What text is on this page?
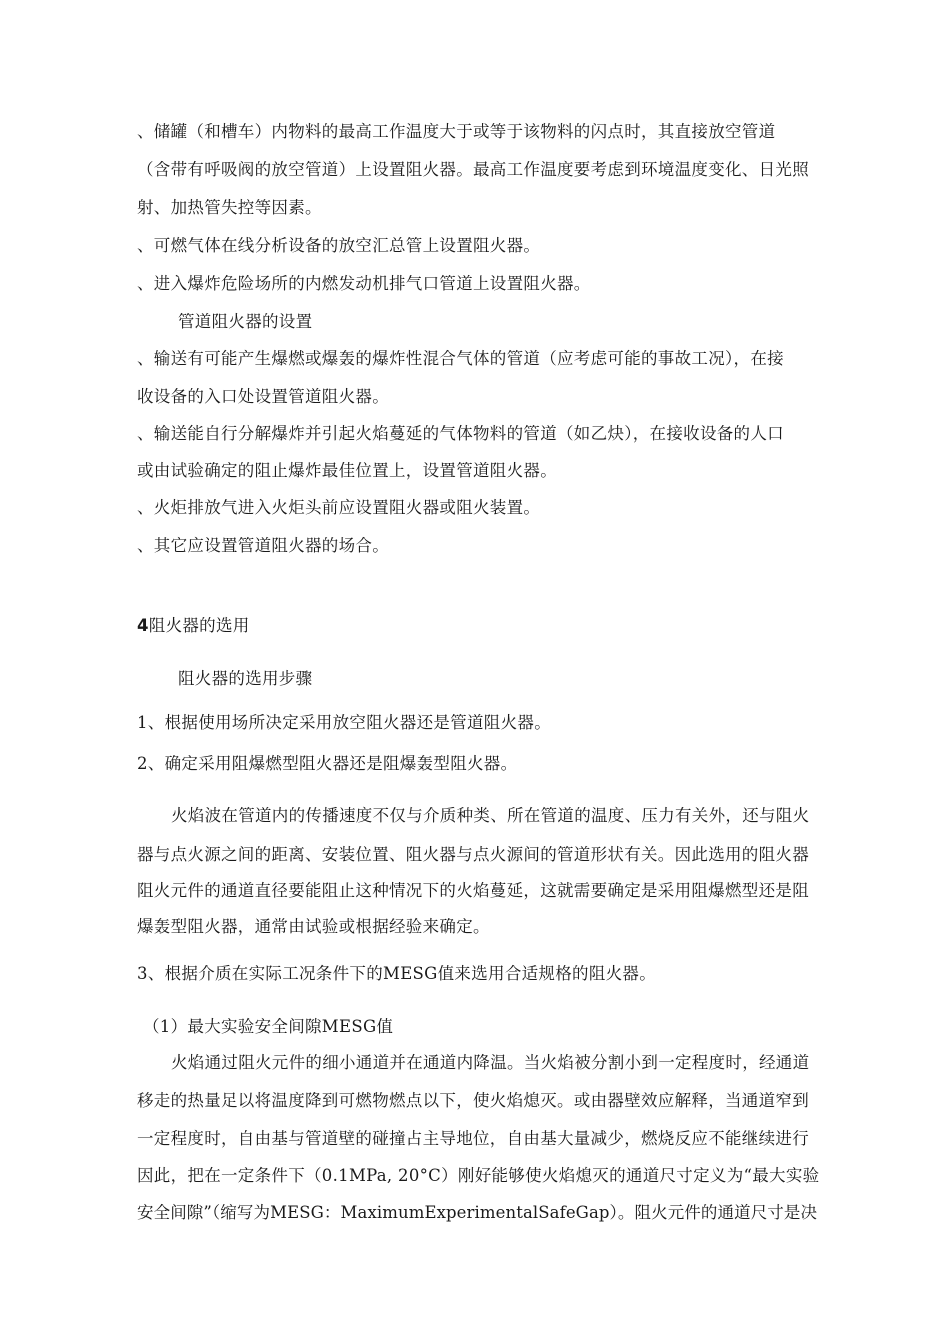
、储罐（和槽车）内物料的最高工作温度大于或等于该物料的闪点时，其直接放空管道
（含带有呼吸阀的放空管道）上设置阻火器。最高工作温度要考虑到环境温度变化、日光照
射、加热管失控等因素。
、可燃气体在线分析设备的放空汇总管上设置阻火器。
、进入爆炸危险场所的内燃发动机排气口管道上设置阻火器。
管道阻火器的设置
、输送有可能产生爆燃或爆轰的爆炸性混合气体的管道（应考虑可能的事故工况），在接
收设备的入口处设置管道阻火器。
、输送能自行分解爆炸并引起火焰蔓延的气体物料的管道（如乙炔），在接收设备的人口
或由试验确定的阻止爆炸最佳位置上，设置管道阻火器。
、火炬排放气进入火炬头前应设置阻火器或阻火装置。
、其它应设置管道阻火器的场合。
4阻火器的选用
阻火器的选用步骤
1、根据使用场所决定采用放空阻火器还是管道阻火器。
2、确定采用阻爆燃型阻火器还是阻爆轰型阻火器。
火焰波在管道内的传播速度不仅与介质种类、所在管道的温度、压力有关外，还与阻火
器与点火源之间的距离、安装位置、阻火器与点火源间的管道形状有关。因此选用的阻火器
阻火元件的通道直径要能阻止这种情况下的火焰蔓延，这就需要确定是采用阻爆燃型还是阻
爆轰型阻火器，通常由试验或根据经验来确定。
3、根据介质在实际工况条件下的MESG值来选用合适规格的阻火器。
（1）最大实验安全间隙MESG值
火焰通过阻火元件的细小通道并在通道内降温。当火焰被分割小到一定程度时，经通道
移走的热量足以将温度降到可燃物燃点以下，使火焰熄灭。或由器壁效应解释，当通道窄到
一定程度时，自由基与管道壁的碰撞占主导地位，自由基大量减少，燃烧反应不能继续进行
因此，把在一定条件下（0.1MPa, 20°C）刚好能够使火焰熄灭的通道尺寸定义为“最大实验
安全间隙”（缩写为MESG：MaximumExperimentalSafeGap）。阻火元件的通道尺寸是决
